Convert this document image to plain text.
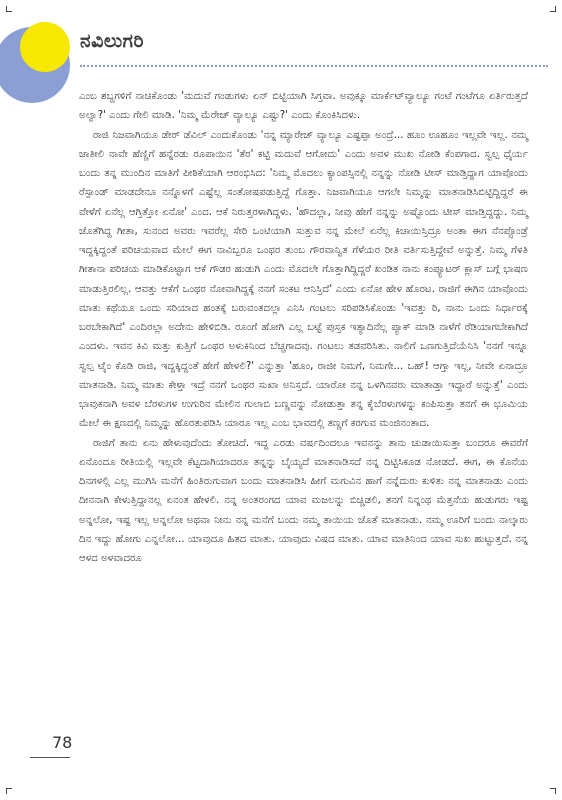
ನವಿಲುಗರಿ

ಎಂಬ ಶಬ್ದಗಳಿಗೆ ನಾಚಿಕೊಂಡು 'ಮದುವೆ ಗಂಡುಗಳು ಏನ್ ಬಿಟ್ಟಿಯಾಗಿ ಸಿಗ್ತವಾ. ಅವುಕ್ಕೂ ಮಾರ್ಕೆಟ್‌ವ್ಯಾಲ್ಯೂ ಗಂಟೆ ಗಂಟೆಗೂ ಏರ್ತಿರುತ್ತದೆ ಅಲ್ವಾ?' ಎಂದು ಗೇಲಿ ಮಾಡಿ. 'ನಿಮ್ಮ ಮೆರೇಜ್ ವ್ಯಾಲ್ಯೂ ಎಷ್ಟು?' ಎಂದು ಕೊಂಕಿಸಿದಳು.

ರಾಜಿ ನಿಜವಾಗಿಯೂ ಡೇರ್ ಡೆವಿಲ್ ಎಂದುಕೊಂಡು 'ನನ್ನ ಮ್ಯಾರೇಜ್ ವ್ಯಾಲ್ಯೂ ಎಷ್ಟಪ್ಪಾ ಅಂದ್ರೆ... ಹೂಂ ಊಹೂಂ ಇಲ್ಲವೇ ಇಲ್ಲ. ನಮ್ಮ ಜಾತೀಲಿ ನಾವೇ ಹೆಣ್ಣಿಗೆ ಹನ್ನೆರಡು ರೂಪಾಯಿನ 'ತೆರ' ಕಟ್ಟಿ ಮದುವೆ ಆಗೋದು' ಎಂದು ಅವಳ ಮುಖ ನೋಡಿ ಕೆಂಪಗಾದ. ಸ್ವಲ್ಪ ಧೈರ್ಯ ಬಂದು ತನ್ನ ಮುಂದಿನ ಮಾತಿಗೆ ಪೀಠಿಕೆಯಾಗಿ ಆರಂಭಿಸಿದ: 'ನಿಮ್ಮ ಮೊದಲು ಕ್ಯಾಂಪಸ್ಸಿನಲ್ಲಿ ನನ್ನನ್ನು ನೋಡಿ ಟೀಸ್ ಮಾಡ್ತಿದ್ದಾಗ ಯಾವೊಂದು ರೆಸ್ಪಾಂಡ್ ಮಾಡದೇನೂ ನನ್ನೊಳಗೆ ಎಷ್ಟೆಲ್ಲ ಸಂತೋಷಪಡುತ್ತಿದ್ದೆ ಗೊತ್ತಾ. ನಿಜವಾಗಿಯೂ ಆಗಲೇ ನಿಮ್ಮನ್ನು ಮಾತನಾಡಿಸಿಬಿಟ್ಟಿದ್ದಿದ್ದರೆ ಈ ವೇಳೆಗೆ ಏನೆಲ್ಲ ಆಗ್ತಿತ್ತೋ ಏನೋ' ಎಂದ. ಆಕೆ ನಿರುತ್ತರಳಾಗಿದ್ದಳು. 'ಹೌದಲ್ಲಾ, ನೀವು ಹೇಗೆ ನನ್ನನ್ನು ಅಷ್ಟೊಂದು ಟೀಸ್ ಮಾಡ್ತಿದ್ದದ್ದು. ನಿಮ್ಮ ಜೊತೆಗಿದ್ದ ಗೀತಾ, ಸುನಂದ ಅವರು ಇವರೆಲ್ಲ ಸೇರಿ ಒಂಟಿಯಾಗಿ ಸುತ್ತುವ ನನ್ನ ಮೇಲೆ ಏನೆಲ್ಲ ಕಿಚಾಯಿಸ್ತಿದ್ರೂ ಅಂತಾ ಈಗ ನೆನಪ್ಸೊಂಡ್ರೆ ಇದ್ದಕ್ಕಿದ್ದಂತೆ ಪರಿಚಯವಾದ ಮೇಲೆ ಈಗ ನಾವಿಬ್ಬರೂ ಒಂಥರ ತುಂಬ ಗೌರವಾನ್ವಿತ ಗೆಳೆಯರ ರೀತಿ ವರ್ತಿಸುತ್ತಿದ್ದೇವೆ ಅನ್ನುತ್ತೆ. ನಿಮ್ಮ ಗೆಳತಿ ಗೀತಾನಾ ಪರಿಚಯ ಮಾಡಿಕೊಟ್ಟಾಗ ಆಕೆ ಗೌಡರ ಹುಡುಗಿ ಎಂದು ಮೊದಲೇ ಗೊತ್ತಾಗಿದ್ದಿದ್ದರೆ ಖಂಡಿತ ನಾನು ಕಂಪ್ಯೂಟರ್ ಕ್ಲಾಸ್ ಬಗ್ಗೆ ಭಾಷಣ ಮಾಡುತ್ತಿರಲಿಲ್ಲ. ಆವತ್ತು ಆಕೆಗೆ ಒಂಥರ ನೋವಾಗಿದ್ದಕ್ಕೆ ನನಗೆ ಸಂಕಟ ಆನಿಸ್ತಿದೆ' ಎಂದು ಏನೋ ಹೇಳ ಹೊರಟ. ರಾಜಿಗೆ ಈಗಿನ ಯಾವೊಂದು ಮಾತು ಕಥೆಯೂ ಒಂದು ಸರಿಯಾದ ಹಂತಕ್ಕೆ ಬರುವಂತದಲ್ಲಾ ಎನಿಸಿ ಗಂಟಲು ಸರಿಪಡಿಸಿಕೊಂಡು 'ಇವತ್ತು ರಿ, ನಾನು ಒಂದು ನಿರ್ಧಾರಕ್ಕೆ ಬರಬೇಕಾಗಿದೆ' ಎಂದಿರಲ್ಲಾ ಅದೇನು ಹೇಳಿಬಿಡಿ. ರೂಂಗೆ ಹೋಗಿ ಎಲ್ಲ ಬಟ್ಟೆ ಪುಸ್ತಕ ಇತ್ಯಾದಿನೆಲ್ಲ ಪ್ಯಾಕ್ ಮಾಡಿ ನಾಳೆಗೆ ರೆಡಿಯಾಗಬೇಕಾಗಿದೆ ಎಂದಳು. ಇವನ ಕಿವಿ ಮತ್ತು ಕುತ್ತಿಗೆ ಒಂಥರ ಅಳುಕಿನಿಂದ ಬೆಚ್ಚಗಾದವು. ಗಂಟಲು ತಡವರಿಸಿತು. ನಾಲಿಗೆ ಒಣಗುತ್ತಿದೆಯೆನಿಸಿ 'ನನಗೆ ಇನ್ನೂ ಸ್ವಲ್ಪ ಟೈಂ ಕೊಡಿ ರಾಜಿ, ಇದ್ದಕ್ಕಿದ್ದಂತೆ ಹೇಗೆ ಹೇಳಲಿ?' ಎನ್ನುತ್ತಾ 'ಹೂಂ, ರಾಜೀ ನಿಮಗೆ, ನಿಮಗೇ... ಒಹ್! ಆಗ್ತಾ ಇಲ್ಲ, ನೀವೇ ಏನಾದ್ರೂ ಮಾತನಾಡಿ. ನಿಮ್ಮ ಮಾತು ಕೇಳ್ತಾ ಇದ್ರೆ ನನಗೆ ಒಂಥರ ಸುಖಾ ಅನಿಸ್ತದೆ. ಯಾರೋ ನನ್ನ ಒಳಗಿನವರು ಮಾತಾಡ್ತಾ ಇದ್ದಾರೆ ಅನ್ನುತ್ತೆ' ಎಂದು ಭಾವುಕನಾಗಿ ಅವಳ ಬೆರಳುಗಳ ಉಗುರಿನ ಮೇಲಿನ ಗುಲಾಬಿ ಬಣ್ಣವನ್ನು ನೋಡುತ್ತಾ ತನ್ನ ಕೈಬೆರಳುಗಳನ್ನು ಕಂಪಿಸುತ್ತಾ ತನಗೆ ಈ ಭೂಮಿಯ ಮೇಲೆ ಈ ಕ್ಷಣದಲ್ಲಿ ನಿಮ್ಮನ್ನು ಹೊರತುಪಡಿಸಿ ಯಾರೂ ಇಲ್ಲ ಎಂಬ ಭಾವದಲ್ಲಿ ತಣ್ಣಗೆ ಕರಗುವ ಮಂಜಿನಂತಾದ.

ರಾಜಿಗೆ ತಾನು ಏನು ಹೇಳುವುದೆಂದು ತೋಚಿದೆ. ಇದ್ದ ಎರಡು ವರ್ಷದಿಂದಲೂ ಇವನನ್ನು ತಾನು ಚುಡಾಯಿಸುತ್ತಾ ಬಂದರೂ ಈವರೆಗೆ ಏನೊಂದೂ ರೀತಿಯಲ್ಲಿ ಇಲ್ಲವೇ ಕೆಟ್ಟದಾಗಿಯಾದರೂ ತನ್ನನ್ನು ಬೈಯ್ಯದೆ ಮಾತನಾಡಿಸದೆ ನನ್ನ ದಿಟ್ಟಿಸಿಕೂಡ ನೋಡದೆ. ಈಗ, ಈ ಕೊನೆಯ ದಿನಗಳಲ್ಲಿ ಎಲ್ಲ ಮುಗಿಸಿ ಮನೆಗೆ ಹಿಂತಿರುಗುವಾಗ ಬಂದು ಮಾತನಾಡಿಸಿ ಹೀಗೆ ಮಗುವಿನ ಹಾಗೆ ನನ್ನೆದುರು ಕುಳಿತು ನನ್ನ ಮಾತನಾಡು ಎಂದು ದೀನನಾಗಿ ಕೇಳುತ್ತಿದ್ದಾನಲ್ಲ ಏನಂತ ಹೇಳಲಿ. ನನ್ನ ಅಂತರಂಗದ ಯಾವ ಮಜಲನ್ನು ಬಿಚ್ಚಿಡಲಿ, ತನಗೆ ನಿನ್ನಂಥ ಮೆತ್ತನೆಯ ಹುಡುಗರು ಇಷ್ಟ ಅನ್ನಲೋ, ಇಷ್ಟ ಇಲ್ಲ ಅನ್ನಲೋ ಅಥವಾ ನೀನು ನನ್ನ ಮನೆಗೆ ಬಂದು ನಮ್ಮ ತಾಯಿಯ ಜೊತೆ ಮಾತನಾಡು. ನಮ್ಮ ಊರಿಗೆ ಬಂದು ನಾಲ್ಕಾರು ದಿನ ಇದ್ದು ಹೋಗು ಎನ್ನಲೋ... ಯಾವುದೂ ಹಿತದ ಮಾತು. ಯಾವುದು ವಿಷದ ಮಾತು. ಯಾವ ಮಾತಿನಿಂದ ಯಾವ ಸುಖ ಹುಟ್ಟುತ್ತದೆ. ನನ್ನ ಆಳದ ಅಳವಾದರೂ

78
